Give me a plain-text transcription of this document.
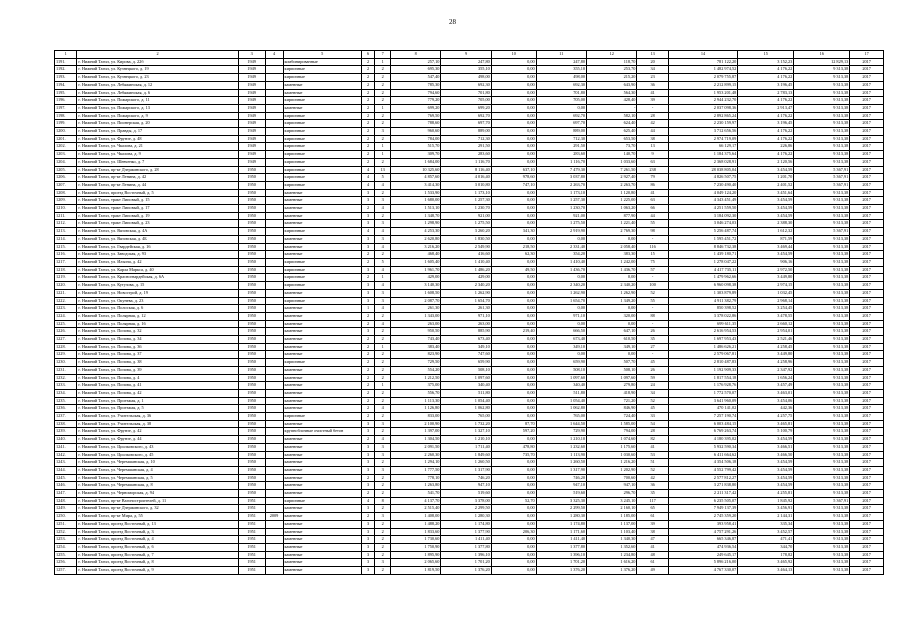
28
1	2	3	4	5	6	7	8	9	10	11	12	13	14	15	16	17
1191.	г. Нижний Тагил, ул. Кирова, д. 22б	1949		комбинированные	2	1	257,10	247,80	0,00	247,80	118,70	20	781 122,20	3 152,23	12 829,13	2017
1192.	г. Нижний Тагил, ул. Кузнецкого, д. 19	1949		кирпичные	2	2	695,30	355,10	0,00	355,10	253,70	34	1 482 974,52	4 176,22	9 313,38	2017
1193.	г. Нижний Тагил, ул. Кузнецкого, д. 23	1949		кирпичные	2	2	547,40	498,00	0,00	498,00	215,20	23	2 079 755,87	4 176,22	9 313,38	2017
1194.	г. Нижний Тагил, ул. Лебяжинская, д. 12	1949		каменные	2	2	785,30	692,30	0,00	692,30	643,90	36	2 212 899,15	3 196,45	9 313,38	2017
1195.	г. Нижний Тагил, ул. Лебяжинская, д. 6	1949		каменные	2	2	794,60	701,80	0,00	701,80	564,30	41	1 953 201,48	2 783,13	9 313,38	2017
1196.	г. Нижний Тагил, ул. Пожарского, д. 11	1949		кирпичные	2	2	779,20	705,00	0,00	705,00	428,40	39	2 944 232,70	4 176,22	9 313,38	2017
1197.	г. Нижний Тагил, ул. Пожарского, д. 13	1949		каменные	2	1	699,20	699,20	0,00	0,00	-	-	2 037 098,36	2 913,47	9 313,38	2017
1198.	г. Нижний Тагил, ул. Пожарского, д. 9	1949		кирпичные	2	2	769,50	692,70	0,00	692,70	582,10	28	2 892 865,24	4 176,22	9 313,38	2017
1199.	г. Нижний Тагил, ул. Пионерская, д. 20	1949		кирпичные	2	2	788,60	697,70	0,00	697,70	624,40	42	2 230 159,97	3 196,45	9 313,38	2017
1200.	г. Нижний Тагил, ул. Правды, д. 17	1949		кирпичные	2	3	960,60	889,00	0,00	889,00	625,40	44	3 712 656,56	4 176,22	9 313,38	2017
1201.	г. Нижний Тагил, ул. Фрунзе, д. 48	1949		кирпичные	2	2	784,00	712,30	0,00	712,30	653,50	38	2 974 719,09	4 176,22	9 313,38	2017
1202.	г. Нижний Тагил, ул. Чкалова, д. 21	1949		кирпичные	2	1	515,70	291,50	0,00	291,50	73,70	13	66 129,17	226,86	9 313,38	2017
1203.	г. Нижний Тагил, ул. Чкалова, д. 9	1949		кирпичные	2	1	309,70	283,60	0,00	283,60	140,70	9	1 184 375,64	4 176,22	9 313,38	2017
1204.	г. Нижний Тагил, ул. Шевченко, д. 7	1949		кирпичные	2	2	1 684,00	1 116,70	0,00	1 116,70	1 033,60	63	2 368 028,91	2 120,56	9 313,38	2017
1205.	г. Нижний Тагил, пр-кт Дзержинского, д. 28	1950		кирпичные	4	13	10 325,60	8 116,40	637,10	7 479,30	7 261,50	238	28 038 805,04	3 454,59	5 367,91	2017
1206.	г. Нижний Тагил, пр-кт Ленина, д. 42	1950		кирпичные	4	5	4 857,60	4 016,40	978,60	3 037,80	2 927,40	79	4 826 507,75	1 201,70	5 367,91	2017
1207.	г. Нижний Тагил, пр-кт Ленина, д. 44	1950		кирпичные	4	4	3 414,30	3 010,80	747,10	2 263,70	2 263,70	86	7 230 490,40	2 401,52	5 367,91	2017
1208.	г. Нижний Тагил, проезд Восточный, д. 5	1950		каменные	3	2	1 533,90	1 173,10	0,00	1 173,10	1 120,80	41	4 049 124,20	3 451,64	9 313,38	2017
1209.	г. Нижний Тагил, тракт Липовый, д. 15	1950		каменные	3	3	1 680,00	1 257,30	0,00	1 257,30	1 225,00	63	4 343 451,49	3 454,59	9 313,38	2017
1210.	г. Нижний Тагил, тракт Липовый, д. 17	1950		каменные	2	4	1 513,10	1 230,70	0,00	1 230,70	1 063,20	66	4 251 559,50	3 454,59	9 313,38	2017
1211.	г. Нижний Тагил, тракт Липовый, д. 19	1950		каменные	3	2	1 348,70	921,00	0,00	921,00	877,90	44	3 184 092,30	3 454,59	9 313,38	2017
1212.	г. Нижний Тагил, тракт Липовый, д. 23	1950		каменные	3	3	1 298,90	1 275,50	0,00	1 275,50	1 221,40	55	3 046 274,03	2 388,30	9 313,38	2017
1213.	г. Нижний Тагил, ул. Вязовская, д. 4А	1950		кирпичные	4	4	4 253,30	3 260,20	341,30	2 919,90	2 769,30	98	5 256 487,74	1 612,32	5 367,91	2017
1214.	г. Нижний Тагил, ул. Вязовская, д. 4Б	1950		каменные	3	3	2 620,80	1 830,50	0,00	0,00	0,00	-	1 595 451,72	871,59	9 313,38	2017
1215.	г. Нижний Тагил, ул. Гвардейская, д. 16	1950		каменные	3	4	3 216,20	2 549,90	218,50	2 331,40	2 058,40	116	8 846 732,38	3 469,44	9 313,38	2017
1216.	г. Нижний Тагил, ул. Заводская, д. 93	1950		каменные	2	2	468,40	416,60	62,30	354,20	383,30	15	1 439 180,71	3 454,59	9 313,38	2017
1217.	г. Нижний Тагил, ул. Ильича, д. 42	1950		кирпичные	2	5	1 605,40	1 410,40	0,00	1 410,40	1 242,00	75	1 278 047,22	906,16	9 313,38	2017
1218.	г. Нижний Тагил, ул. Карла Маркса, д. 40	1950		кирпичные	3	4	1 961,70	1 486,20	49,50	1 436,70	1 436,70	57	4 417 735,11	2 972,50	9 313,38	2017
1219.	г. Нижний Тагил, ул. Красногвардейская, д. 6А	1950		кирпичные	2	1	429,00	429,00	0,00	0,00	0,00	-	1 479 962,66	3 449,80	9 313,38	2017
1220.	г. Нижний Тагил, ул. Кутузова, д. 15	1950		кирпичные	3	4	3 140,30	2 340,20	0,00	2 340,20	2 340,20	100	6 960 098,38	2 974,15	9 313,38	2017
1221.	г. Нижний Тагил, ул. Новострой, д. 19	1950		каменные	3	3	1 608,50	1 262,90	0,00	1 262,90	1 262,90	52	1 303 879,89	1 032,45	9 313,38	2017
1222.	г. Нижний Тагил, ул. Окунева, д. 23	1950		кирпичные	3	3	2 087,70	1 654,70	0,00	1 654,70	1 349,20	55	4 911 382,79	2 968,14	9 313,38	2017
1223.	г. Нижний Тагил, ул. Полоская, д. 6	1950		каменные	1	4	261,30	261,30	0,00	0,00	0,00	-	850 398,52	3 254,45	9 313,38	2017
1224.	г. Нижний Тагил, ул. Полярная, д. 12	1950		каменные	2	2	1 343,00	971,10	0,00	971,10	320,00	88	3 378 022,86	3 478,55	9 313,38	2017
1225.	г. Нижний Тагил, ул. Полярная, д. 16	1950		каменные	2	4	263,00	263,00	0,00	0,00	0,00	-	699 611,35	2 660,12	9 313,38	2017
1226.	г. Нижний Тагил, ул. Попова, д. 32	1950		каменные	3	2	950,50	885,90	219,40	666,50	647,10	26	2 616 954,53	2 954,01	9 313,38	2017
1227.	г. Нижний Тагил, ул. Попова, д. 34	1950		каменные	2	2	743,40	673,40	0,00	673,40	610,50	35	1 697 953,43	2 521,46	9 313,38	2017
1228.	г. Нижний Тагил, ул. Попова, д. 36	1950		каменные	2	1	383,40	349,10	0,00	349,10	349,10	27	1 486 626,21	4 258,45	9 313,38	2017
1229.	г. Нижний Тагил, ул. Попова, д. 37	1950		каменные	2	2	823,90	747,60	0,00	0,00	0,00	-	2 579 067,81	3 449,80	9 313,38	2017
1230.	г. Нижний Тагил, ул. Попова, д. 38	1950		кирпичные	2	2	729,50	659,90	0,00	659,90	507,70	45	2 810 487,83	4 258,96	9 313,38	2017
1231.	г. Нижний Тагил, ул. Попова, д. 39	1950		каменные	2	2	554,20	508,10	0,00	508,10	508,10	26	1 192 909,33	2 347,92	9 313,38	2017
1232.	г. Нижний Тагил, ул. Попова, д. 4	1950		каменные	2	2	1 212,50	1 097,60	0,00	1 097,60	1 097,60	59	1 817 554,18	1 656,24	9 313,38	2017
1233.	г. Нижний Тагил, ул. Попова, д. 41	1950		каменные	2	1	375,00	340,40	0,00	340,40	279,80	24	1 176 928,76	3 457,49	9 313,38	2017
1234.	г. Нижний Тагил, ул. Попова, д. 42	1950		каменные	2	2	556,70	511,80	0,00	511,80	418,90	34	1 772 570,07	3 463,01	9 313,38	2017
1235.	г. Нижний Тагил, ул. Проезжая, д. 1	1950		каменные	2	2	1 113,30	1 054,40	0,00	1 054,40	721,20	52	3 641 960,09	3 454,06	9 313,38	2017
1236.	г. Нижний Тагил, ул. Проезжая, д. 5	1950		каменные	2	4	1 126,80	1 062,80	0,00	1 062,80	846,90	45	470 141,02	442,36	9 313,38	2017
1237.	г. Нижний Тагил, ул. Учительская, д. 36	1950		кирпичные	2	2	833,00	765,00	0,00	765,00	724,40	33	7 257 190,74	4 257,75	9 313,38	2017
1238.	г. Нижний Тагил, ул. Учительская, д. 38	1950		каменные	3	3	2 100,90	1 732,20	87,70	1 644,50	1 585,00	54	6 003 484,15	3 465,81	9 313,38	2017
1239.	г. Нижний Тагил, ул. Фрунзе, д. 42	1950		крупноблочные очистный бетон	3	2	1 397,00	1 327,10	597,20	729,90	794,00	28	6 769 263,74	5 100,79	9 313,38	2017
1240.	г. Нижний Тагил, ул. Фрунзе, д. 44	1950		каменные	2	4	1 304,50	1 210,10	0,00	1 210,10	1 074,60	82	4 180 395,02	3 454,59	9 313,38	2017
1241.	г. Нижний Тагил, ул. Циолковского, д. 43	1950		каменные	3	3	2 091,50	1 711,40	478,80	1 232,60	1 175,60	41	5 932 590,34	3 466,51	9 313,38	2017
1242.	г. Нижний Тагил, ул. Циолковского, д. 45	1950		каменные	3	3	2 260,30	1 849,60	735,70	1 113,90	1 030,60	53	6 411 664,62	3 466,50	9 313,38	2017
1243.	г. Нижний Тагил, ул. Черемшанская, д. 10	1950		каменные	3	2	1 294,10	1 260,50	0,00	1 260,50	1 216,20	51	4 354 506,18	3 454,59	9 313,38	2017
1244.	г. Нижний Тагил, ул. Черемшанская, д. 4	1950		каменные	3	3	1 777,50	1 317,90	0,00	1 317,90	1 202,90	52	4 552 799,42	3 454,59	9 313,38	2017
1245.	г. Нижний Тагил, ул. Черемшанская, д. 5	1950		каменные	2	2	778,10	746,20	0,00	746,20	700,60	42	2 577 812,27	3 454,59	9 313,38	2017
1246.	г. Нижний Тагил, ул. Черемшанская, д. 8	1950		каменные	3	2	1 263,80	947,10	0,00	947,10	947,10	36	3 271 838,80	3 454,59	9 313,38	2017
1247.	г. Нижний Тагил, ул. Черноморская, д. 94	1950		каменные	2	2	541,70	519,60	0,00	519,60	296,70	35	2 211 317,42	4 255,81	9 313,38	2017
1248.	г. Нижний Тагил, пр-кт Вагоностроителей, д. 11	1951		кирпичные	4	8	4 137,70	3 378,00	52,70	3 325,30	3 245,10	117	6 235 505,07	1 845,92	5 367,91	2017
1249.	г. Нижний Тагил, пр-кт Дзержинского, д. 32	1951		каменные	3	2	2 515,40	2 299,50	0,00	2 299,50	2 160,10	65	7 949 137,39	3 456,91	9 313,38	2017
1250.	г. Нижний Тагил, пр-кт Мира, д. 55	1951	2009	каменные	2	3	1 408,00	1 280,30	0,00	1 280,30	1 185,00	61	2 745 359,20	2 144,31	9 313,38	2017
1251.	г. Нижний Тагил, проезд Восточный, д. 13	1951		каменные	3	2	1 488,20	1 174,80	0,00	1 174,80	1 137,00	39	393 958,41	335,34	9 313,38	2017
1252.	г. Нижний Тагил, проезд Восточный, д. 3	1951		каменные	3	2	1 833,60	1 377,90	206,30	1 171,60	1 103,40	38	4 757 291,26	3 452,57	9 313,38	2017
1253.	г. Нижний Тагил, проезд Восточный, д. 4	1951		каменные	3	2	1 730,60	1 411,40	0,00	1 411,40	1 340,30	47	665 346,87	471,41	9 313,38	2017
1254.	г. Нижний Тагил, проезд Восточный, д. 6	1951		каменные	3	2	1 750,90	1 377,80	0,00	1 377,80	1 352,60	41	474 936,54	344,70	9 313,38	2017
1255.	г. Нижний Тагил, проезд Восточный, д. 7	1951		каменные	3	2	1 895,90	1 396,10	0,00	1 396,10	1 234,80	48	249 645,17	178,82	9 313,38	2017
1256.	г. Нижний Тагил, проезд Восточный, д. 8	1951		каменные	3	3	2 065,60	1 701,20	0,00	1 701,20	1 616,20	61	5 896 216,00	3 465,92	9 313,38	2017
1257.	г. Нижний Тагил, проезд Восточный, д. 9	1951		каменные	3	2	1 819,50	1 376,20	0,00	1 376,20	1 376,20	49	4 767 330,07	3 464,13	9 313,38	2017
